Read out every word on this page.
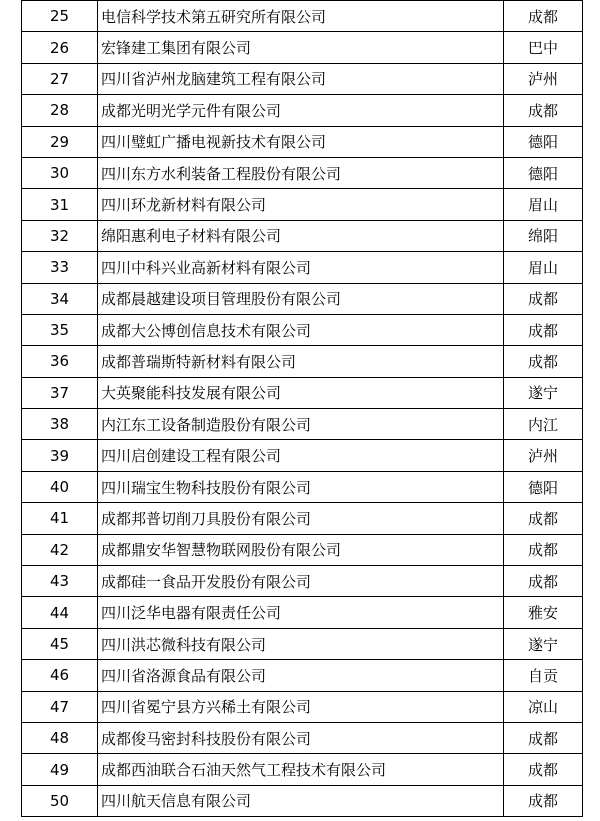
25	电信科学技术第五研究所有限公司	成都
26	宏锋建工集团有限公司	巴中
27	四川省泸州龙脑建筑工程有限公司	泸州
28	成都光明光学元件有限公司	成都
29	四川璧虹广播电视新技术有限公司	德阳
30	四川东方水利装备工程股份有限公司	德阳
31	四川环龙新材料有限公司	眉山
32	绵阳惠利电子材料有限公司	绵阳
33	四川中科兴业高新材料有限公司	眉山
34	成都晨越建设项目管理股份有限公司	成都
35	成都大公博创信息技术有限公司	成都
36	成都普瑞斯特新材料有限公司	成都
37	大英聚能科技发展有限公司	遂宁
38	内江东工设备制造股份有限公司	内江
39	四川启创建设工程有限公司	泸州
40	四川瑞宝生物科技股份有限公司	德阳
41	成都邦普切削刀具股份有限公司	成都
42	成都鼎安华智慧物联网股份有限公司	成都
43	成都硅一食品开发股份有限公司	成都
44	四川泛华电器有限责任公司	雅安
45	四川洪芯微科技有限公司	遂宁
46	四川省洛源食品有限公司	自贡
47	四川省冕宁县方兴稀土有限公司	凉山
48	成都俊马密封科技股份有限公司	成都
49	成都西油联合石油天然气工程技术有限公司	成都
50	四川航天信息有限公司	成都
